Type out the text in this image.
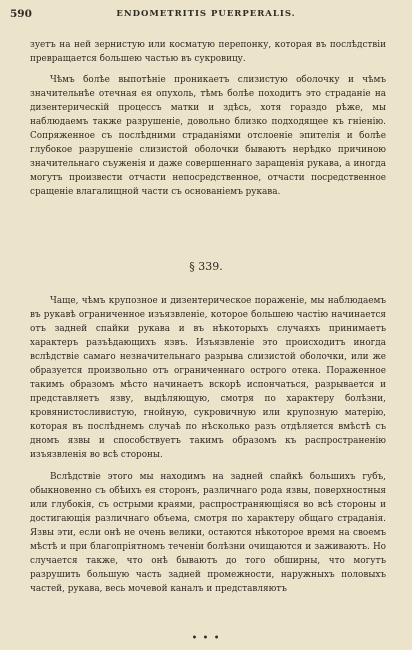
590	ENDOMETRITIS PUERPERALIS.
зуетъ на ней зернистую или косматую перепонку, которая въ послѣдствіи превращается большею частью въ сукровицу.
Чѣмъ болѣе выпотѣніе проникаетъ слизистую оболочку и чѣмъ значительнѣе отечная ея опухоль, тѣмъ болѣе походитъ это страданіе на дизентерическій процессъ матки и здѣсь, хотя гораздо рѣже, мы наблюдаемъ также разрушеніе, довольно близко подходящее къ гніенію. Сопряженное съ послѣдними страданіями отслоеніе эпителія и болѣе глубокое разрушеніе слизистой оболочки бываютъ нерѣдко причиною значительнаго съуженія и даже совершеннаго заращенія рукава, а иногда могутъ произвести отчасти непосредственное, отчасти посредственное сращеніе влагалищной части съ основаніемъ рукава.
§ 339.
Чаще, чѣмъ крупозное и дизентерическое пораженіе, мы наблюдаемъ въ рукавѣ ограниченное изъязвленіе, которое большею частію начинается отъ задней спайки рукава и въ нѣкоторыхъ случаяхъ принимаетъ характеръ разъѣдающихъ язвъ. Изъязвленіе это происходитъ иногда вслѣдствіе самаго незначительнаго разрыва слизистой оболочки, или же образуется произвольно отъ ограниченнаго острого отека. Пораженное такимъ образомъ мѣсто начинаетъ вскорѣ испончаться, разрывается и представляетъ язву, выдѣляющую, смотря по характеру болѣзни, кровянистосливистую, гнойную, сукровичную или крупозную матерію, которая въ послѣднемъ случаѣ по нѣсколько разъ отдѣляется вмѣстѣ съ дномъ язвы и способствуетъ такимъ образомъ къ распространенію изъязвленія во всѣ стороны.
Вслѣдствіе этого мы находимъ на задней спайкѣ большихъ губъ, обыкновенно съ обѣихъ ея сторонъ, различнаго рода язвы, поверхностныя или глубокія, съ острыми краями, распространяющіяся во всѣ стороны и достигающія различнаго объема, смотря по характеру общаго страданія. Язвы эти, если онѣ не очень велики, остаются нѣкоторое время на своемъ мѣстѣ и при благопріятномъ теченіи болѣзни очищаются и заживаютъ. Но случается также, что онѣ бываютъ до того обширны, что могутъ разрушить большую часть задней промежности, наружныхъ половыхъ частей, рукава, весь мочевой каналъ и представляютъ
• • •
